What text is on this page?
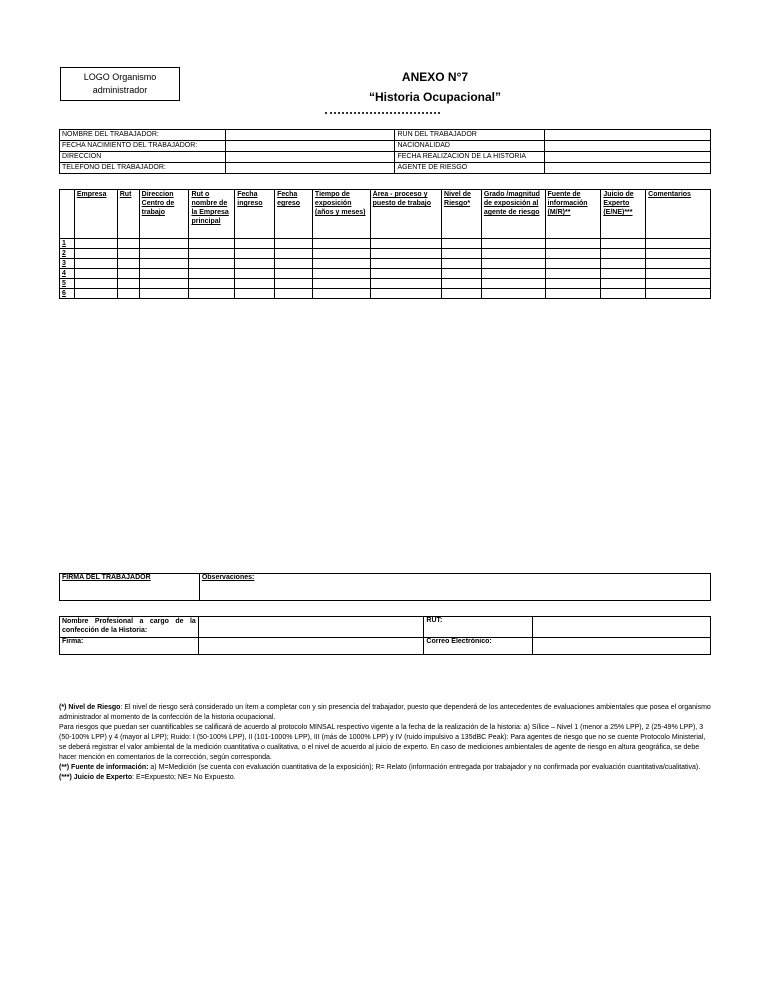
LOGO Organismo administrador
ANEXO N°7
“Historia Ocupacional”
NOMBRE DEL TRABAJADOR:		RUN DEL TRABAJADOR	
FECHA NACIMIENTO DEL TRABAJADOR:		NACIONALIDAD	
DIRECCION		FECHA REALIZACION DE LA HISTORIA	
TELEFONO DEL TRABAJADOR:		AGENTE DE RIESGO	
	Empresa	Rut	Direccion Centro de trabajo	Rut o nombre de la Empresa principal	Fecha ingreso	Fecha egreso	Tiempo de exposición (años y meses)	Área - proceso y puesto de trabajo	Nivel de Riesgo*	Grado /magnitud de exposición al agente de riesgo	Fuente de información (M/R)**	Juicio de Experto (E/NE)***	Comentarios
1													
2													
3													
4													
5													
6													
FIRMA DEL TRABAJADOR	Observaciones:
Nombre Profesional a cargo de la confección de la Historia:		RUT:	
Firma:		Correo Electrónico:	

(*) Nivel de Riesgo: El nivel de riesgo será considerado un ítem a completar con y sin presencia del trabajador, puesto que dependerá de los antecedentes de evaluaciones ambientales que posea el organismo administrador al momento de la confección de la historia ocupacional.

Para riesgos que puedan ser cuantificables se calificará de acuerdo al protocolo MINSAL respectivo vigente a la fecha de la realización de la historia: a) Sílice – Nivel 1 (menor a 25% LPP), 2 (25-49% LPP), 3 (50-100% LPP) y 4 (mayor al LPP); Ruido: I (50-100% LPP), II (101-1000% LPP), III (más de 1000% LPP) y IV (ruido impulsivo a 135dBC Peak): Para agentes de riesgo que no se cuente Protocolo Ministerial, se deberá registrar el valor ambiental de la medición cuantitativa o cualitativa, o el nivel de acuerdo al juicio de experto. En caso de mediciones ambientales de agente de riesgo en altura geográfica, se debe hacer mención en comentarios de la corrección, según corresponda.

(**) Fuente de información: a) M=Medición (se cuenta con evaluación cuantitativa de la exposición); R= Relato (información entregada por trabajador y no confirmada por evaluación cuantitativa/cualitativa).

(***) Juicio de Experto: E=Expuesto; NE= No Expuesto.
